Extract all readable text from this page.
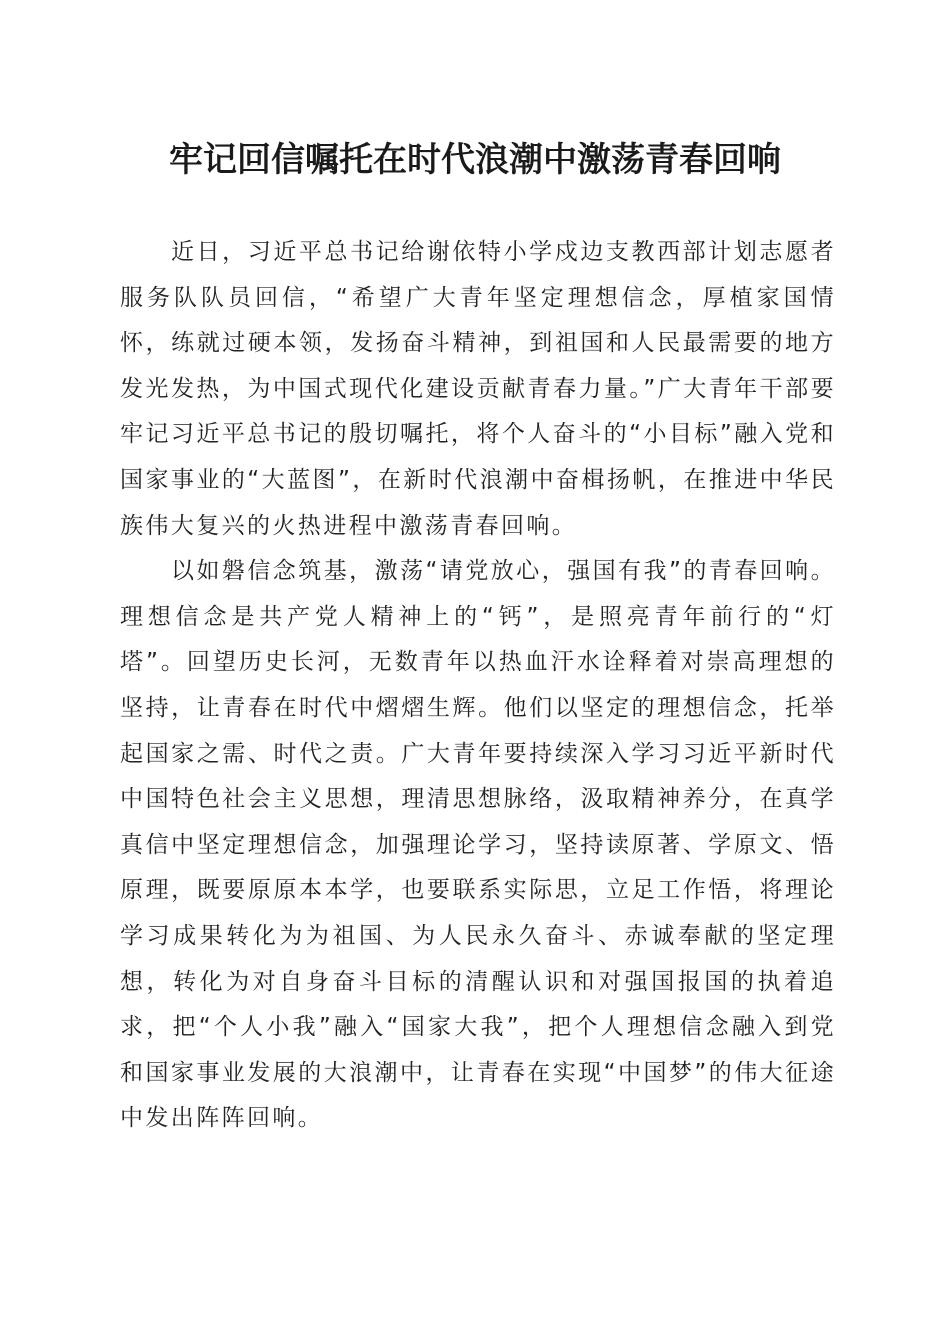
牢记回信嘱托在时代浪潮中激荡青春回响

近日，习近平总书记给谢依特小学戍边支教西部计划志愿者服务队队员回信，“希望广大青年坚定理想信念，厚植家国情怀，练就过硬本领，发扬奋斗精神，到祖国和人民最需要的地方发光发热，为中国式现代化建设贡献青春力量。”广大青年干部要牢记习近平总书记的殷切嘱托，将个人奋斗的“小目标”融入党和国家事业的“大蓝图”，在新时代浪潮中奋楫扬帆，在推进中华民族伟大复兴的火热进程中激荡青春回响。

以如磐信念筑基，激荡“请党放心，强国有我”的青春回响。理想信念是共产党人精神上的“钙”，是照亮青年前行的“灯塔”。回望历史长河，无数青年以热血汗水诠释着对崇高理想的坚持，让青春在时代中熠熠生辉。他们以坚定的理想信念，托举起国家之需、时代之责。广大青年要持续深入学习习近平新时代中国特色社会主义思想，理清思想脉络，汲取精神养分，在真学真信中坚定理想信念，加强理论学习，坚持读原著、学原文、悟原理，既要原原本本学，也要联系实际思，立足工作悟，将理论学习成果转化为为祖国、为人民永久奋斗、赤诚奉献的坚定理想，转化为对自身奋斗目标的清醒认识和对强国报国的执着追求，把“个人小我”融入“国家大我”，把个人理想信念融入到党和国家事业发展的大浪潮中，让青春在实现“中国梦”的伟大征途中发出阵阵回响。
